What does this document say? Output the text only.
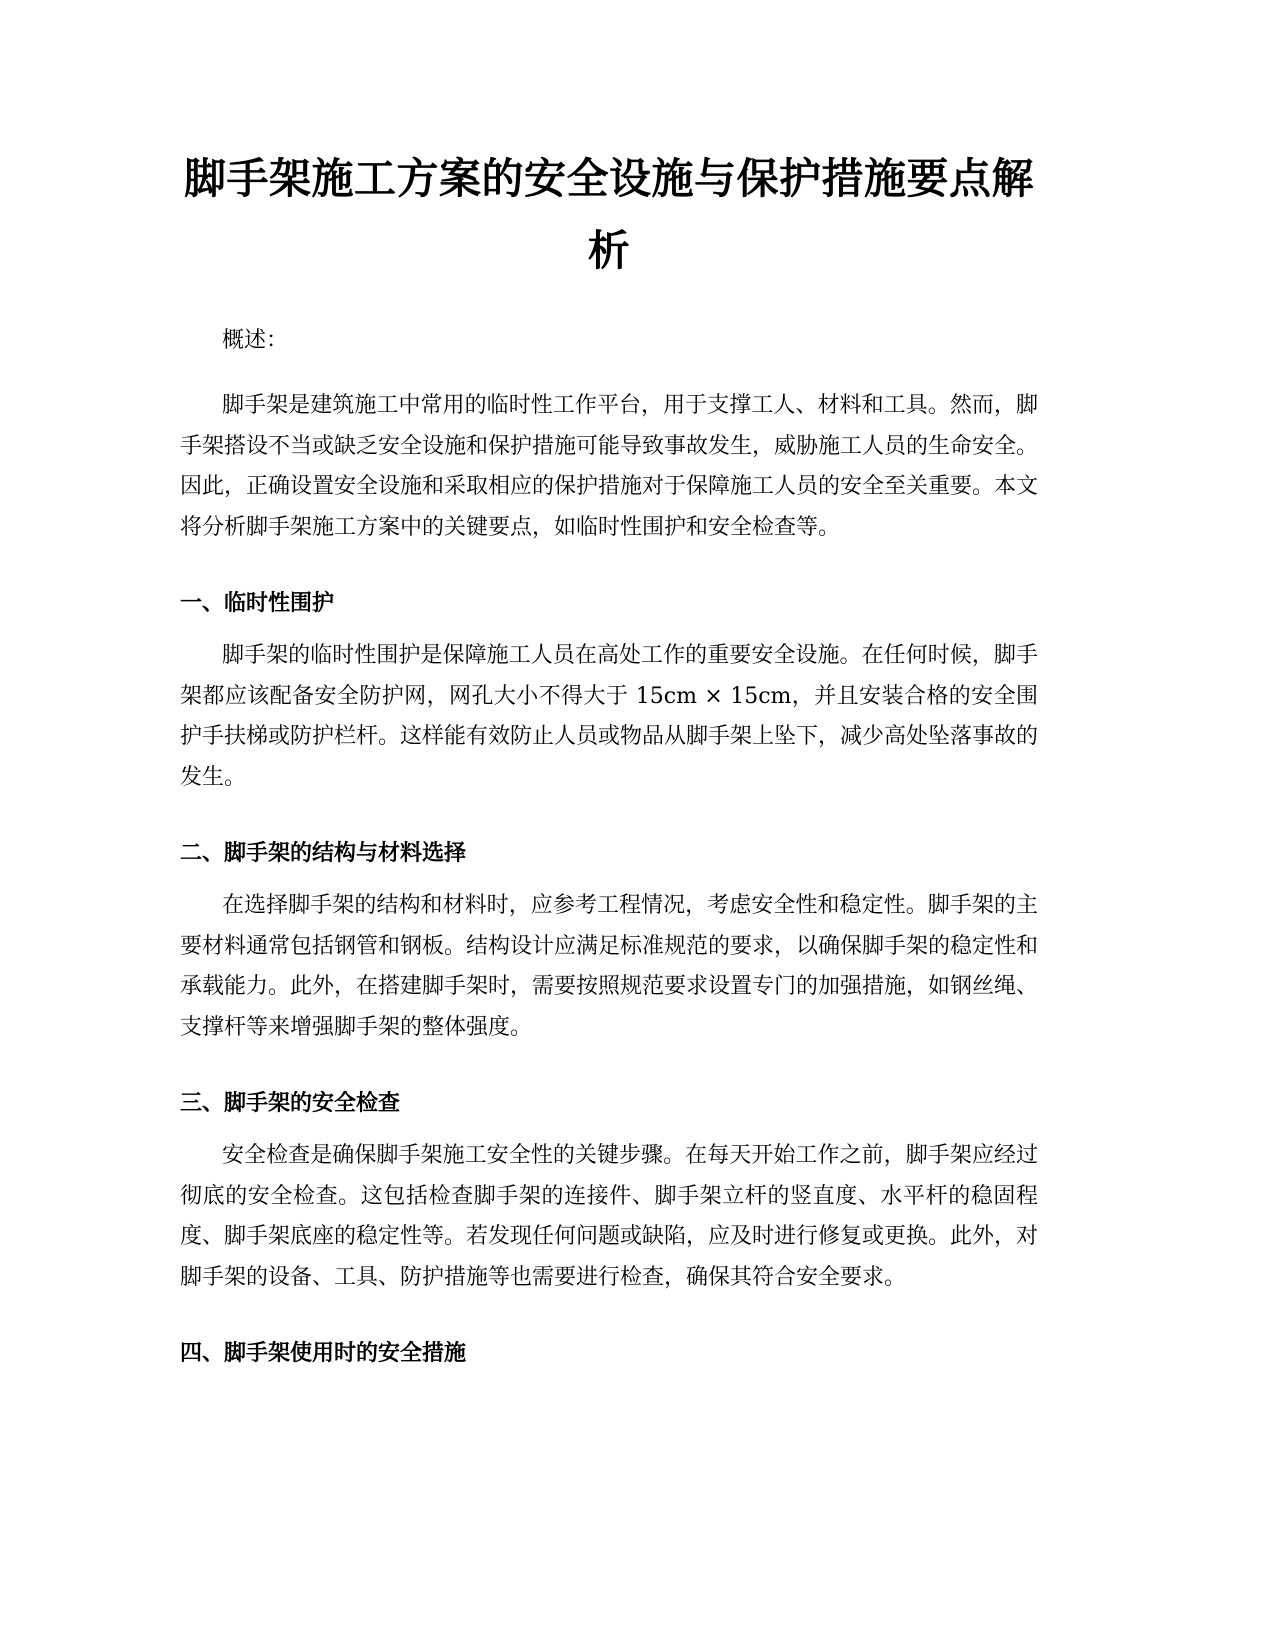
脚手架施工方案的安全设施与保护措施要点解析

概述：

脚手架是建筑施工中常用的临时性工作平台，用于支撑工人、材料和工具。然而，脚手架搭设不当或缺乏安全设施和保护措施可能导致事故发生，威胁施工人员的生命安全。因此，正确设置安全设施和采取相应的保护措施对于保障施工人员的安全至关重要。本文将分析脚手架施工方案中的关键要点，如临时性围护和安全检查等。

一、临时性围护

脚手架的临时性围护是保障施工人员在高处工作的重要安全设施。在任何时候，脚手架都应该配备安全防护网，网孔大小不得大于 15cm × 15cm，并且安装合格的安全围护手扶梯或防护栏杆。这样能有效防止人员或物品从脚手架上坠下，减少高处坠落事故的发生。

二、脚手架的结构与材料选择

在选择脚手架的结构和材料时，应参考工程情况，考虑安全性和稳定性。脚手架的主要材料通常包括钢管和钢板。结构设计应满足标准规范的要求，以确保脚手架的稳定性和承载能力。此外，在搭建脚手架时，需要按照规范要求设置专门的加强措施，如钢丝绳、支撑杆等来增强脚手架的整体强度。

三、脚手架的安全检查

安全检查是确保脚手架施工安全性的关键步骤。在每天开始工作之前，脚手架应经过彻底的安全检查。这包括检查脚手架的连接件、脚手架立杆的竖直度、水平杆的稳固程度、脚手架底座的稳定性等。若发现任何问题或缺陷，应及时进行修复或更换。此外，对脚手架的设备、工具、防护措施等也需要进行检查，确保其符合安全要求。

四、脚手架使用时的安全措施
